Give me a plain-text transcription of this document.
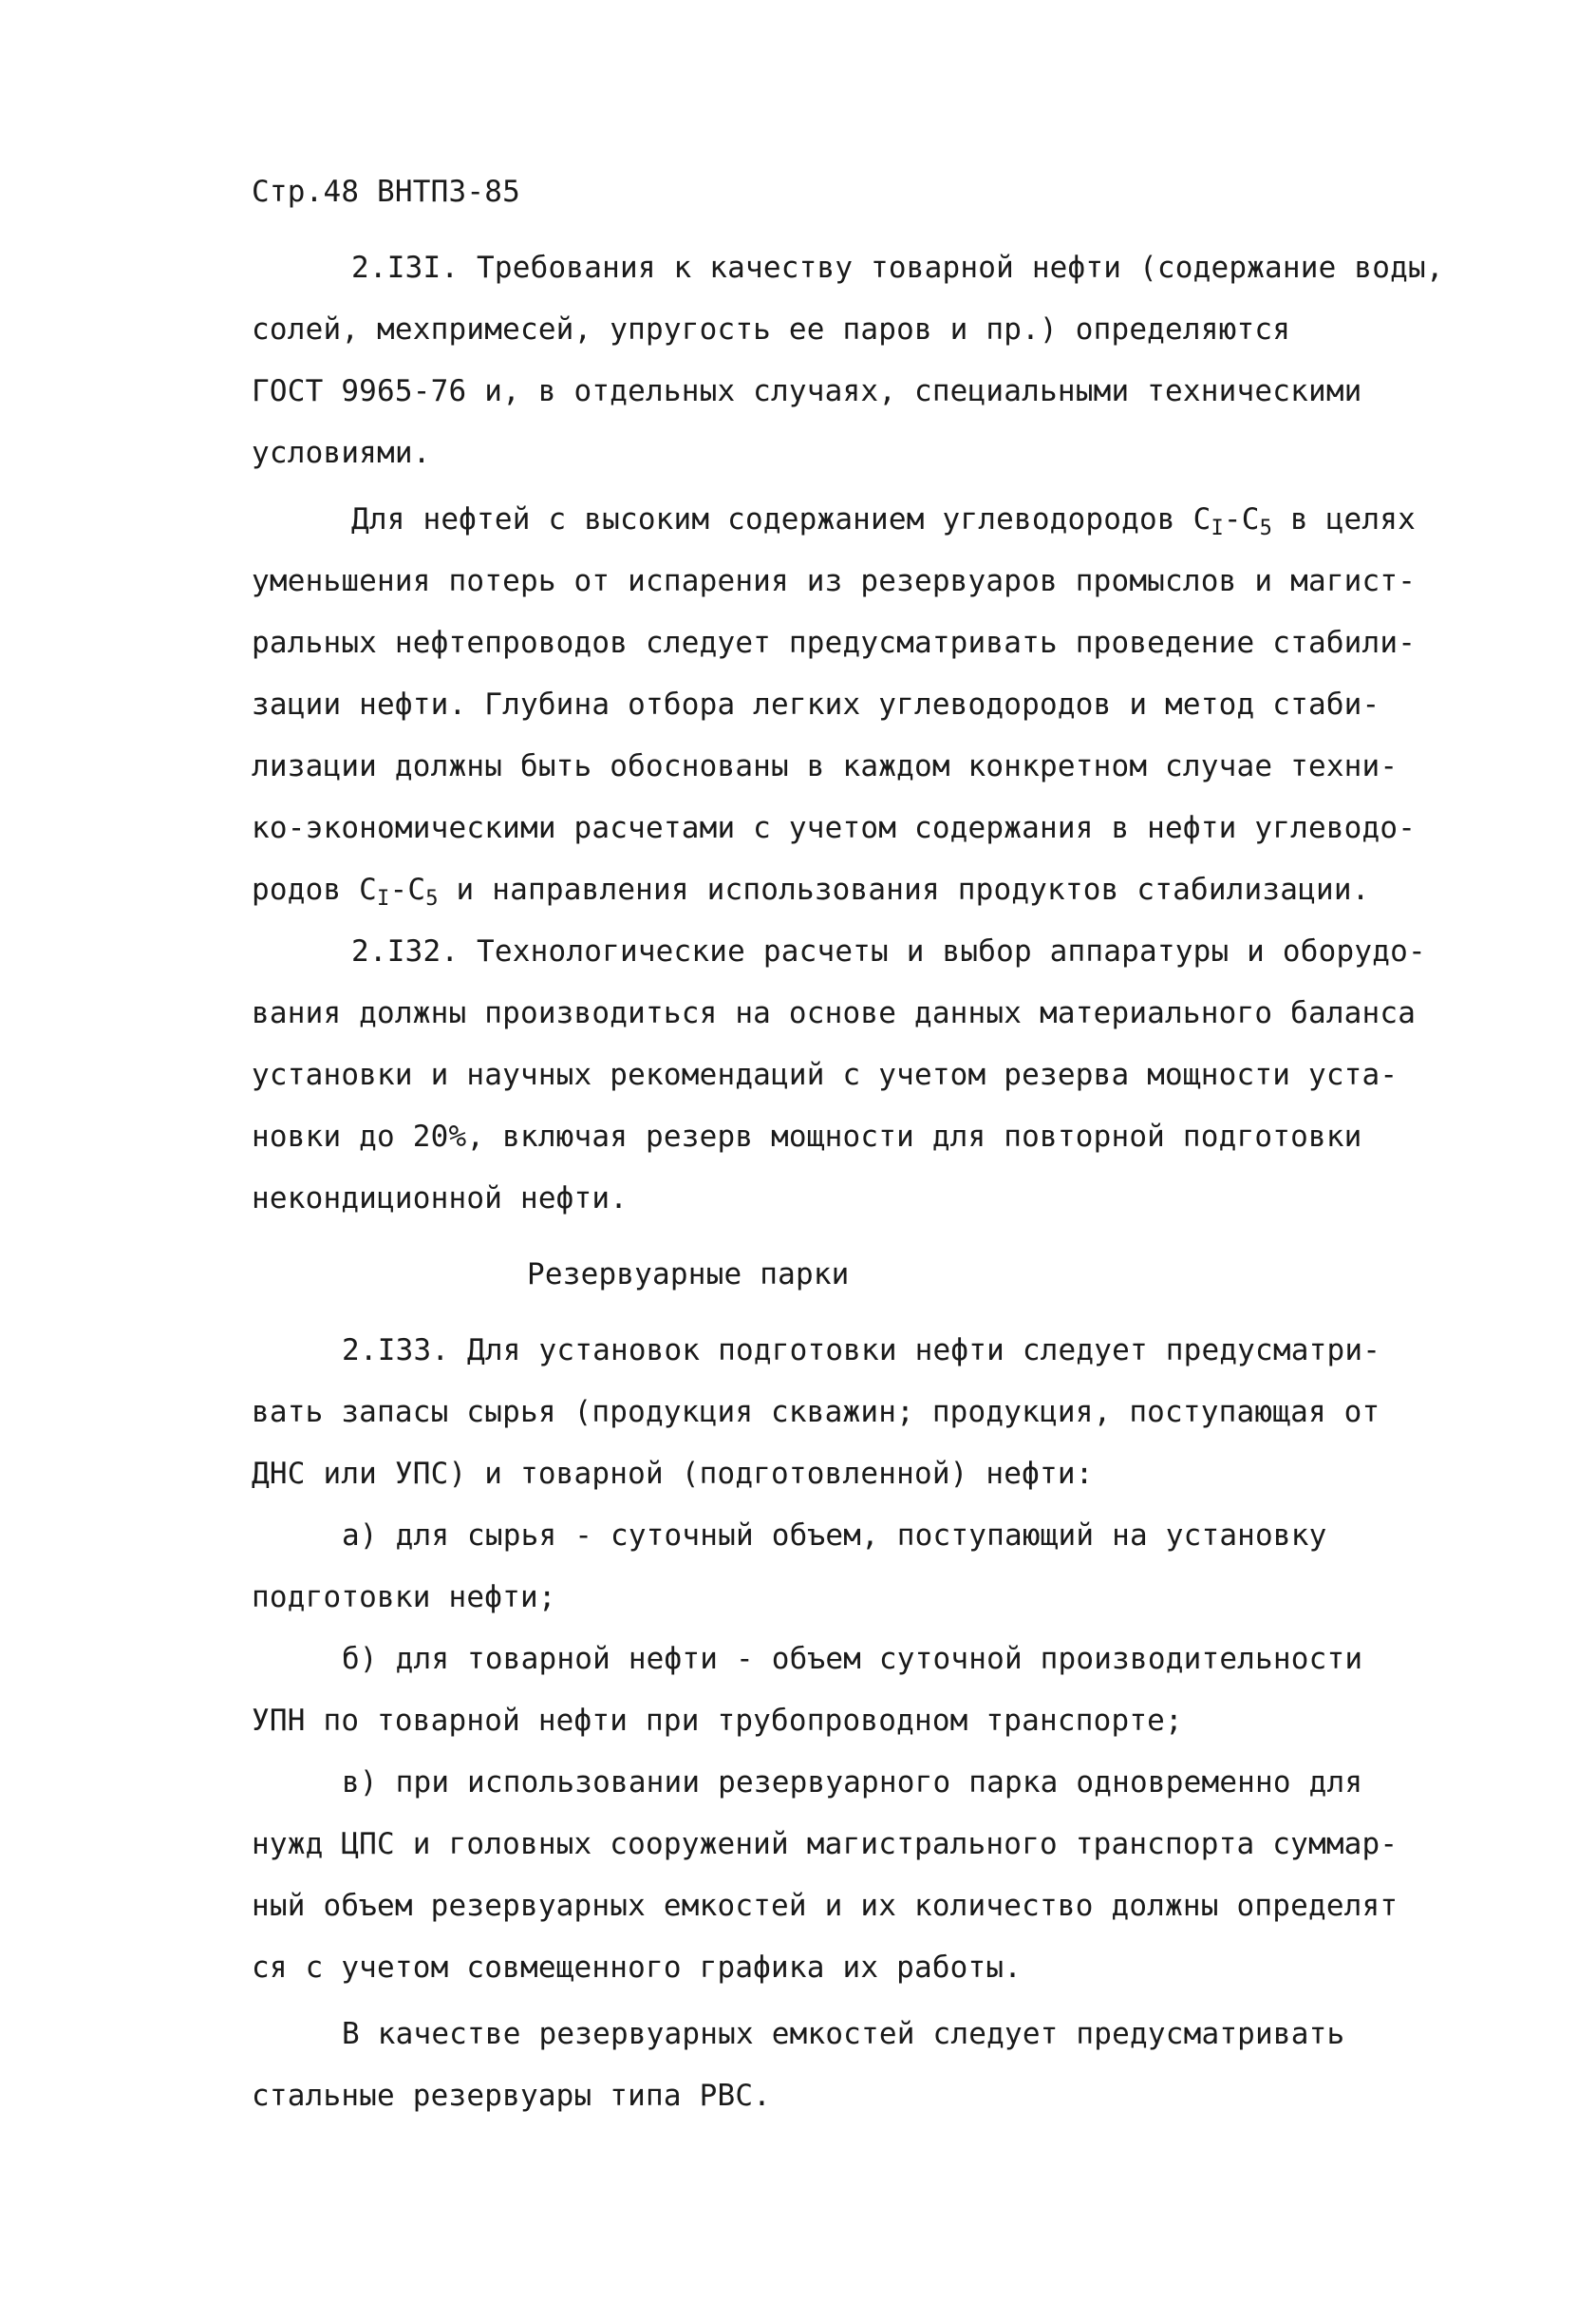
Стр.48 ВНТПЗ-85
2.I3I. Требования к качеству товарной нефти (содержание воды,
солей, мехпримесей, упругость ее паров и пр.) определяются
ГОСТ 9965-76 и, в отдельных случаях, специальными техническими
условиями.
Для нефтей с высоким содержанием углеводородов $С_I-С_5$ в целях
уменьшения потерь от испарения из резервуаров промыслов и магист-
ральных нефтепроводов следует предусматривать проведение стабили-
зации нефти. Глубина отбора легких углеводородов и метод стаби-
лизации должны быть обоснованы в каждом конкретном случае техни-
ко-экономическими расчетами с учетом содержания в нефти углеводо-
родов $С_I-С_5$ и направления использования продуктов стабилизации.
2.I32. Технологические расчеты и выбор аппаратуры и оборудо-
вания должны производиться на основе данных материального баланса
установки и научных рекомендаций с учетом резерва мощности уста-
новки до 20%, включая резерв мощности для повторной подготовки
некондиционной нефти.
Резервуарные парки
2.I33. Для установок подготовки нефти следует предусматри-
вать запасы сырья (продукция скважин; продукция, поступающая от
ДНС или УПС) и товарной (подготовленной) нефти:
а) для сырья - суточный объем, поступающий на установку
подготовки нефти;
б) для товарной нефти - объем суточной производительности
УПН по товарной нефти при трубопроводном транспорте;
в) при использовании резервуарного парка одновременно для
нужд ЦПС и головных сооружений магистрального транспорта суммар-
ный объем резервуарных емкостей и их количество должны определят
ся с учетом совмещенного графика их работы.
В качестве резервуарных емкостей следует предусматривать
стальные резервуары типа РВС.
